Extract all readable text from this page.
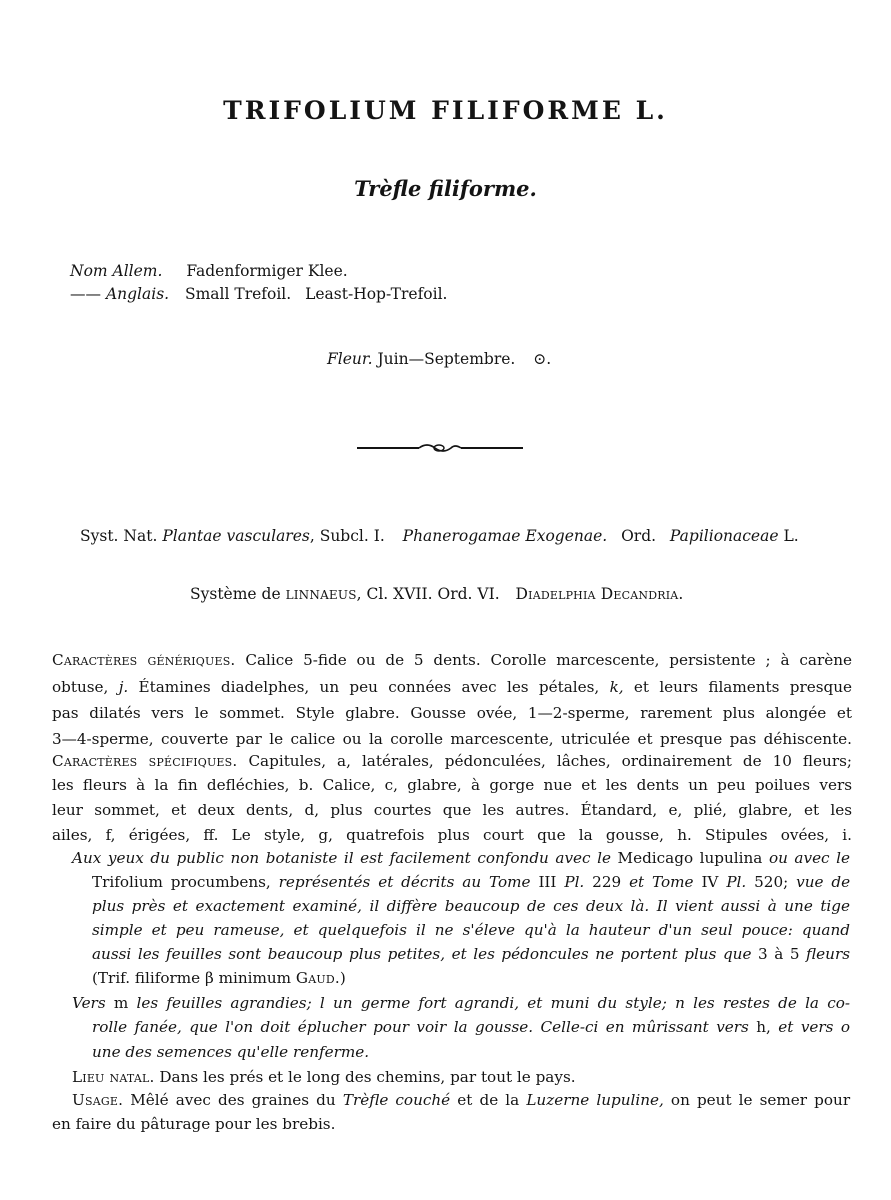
TRIFOLIUM FILIFORME L.
Trèfle filiforme.
Nom Allem. Fadenformiger Klee.
—— Anglais. Small Trefoil. Least-Hop-Trefoil.
Fleur. Juin—Septembre. ⊙.
Syst. Nat. Plantae vasculares, Subcl. I. Phanerogamae Exogenae. Ord. Papilionaceae L.
Système de LINNAEUS, Cl. XVII. Ord. VI. Diadelphia Decandria.
Caractères génériques. Calice 5-fide ou de 5 dents. Corolle marcescente, persistente ; à carène
obtuse, j. Étamines diadelphes, un peu connées avec les pétales, k, et leurs filaments presque
pas dilatés vers le sommet. Style glabre. Gousse ovée, 1—2-sperme, rarement plus alongée et
3—4-sperme, couverte par le calice ou la corolle marcescente, utriculée et presque pas déhiscente.
Caractères spécifiques. Capitules, a, latérales, pédonculées, lâches, ordinairement de 10 fleurs;
les fleurs à la fin defléchies, b. Calice, c, glabre, à gorge nue et les dents un peu poilues vers
leur sommet, et deux dents, d, plus courtes que les autres. Étandard, e, plié, glabre, et les
ailes, f, érigées, ff. Le style, g, quatrefois plus court que la gousse, h. Stipules ovées, i.
Aux yeux du public non botaniste il est facilement confondu avec le Medicago lupulina ou avec le
Trifolium procumbens, représentés et décrits au Tome III Pl. 229 et Tome IV Pl. 520; vue de
plus près et exactement examiné, il diffère beaucoup de ces deux là. Il vient aussi à une tige
simple et peu rameuse, et quelquefois il ne s'éleve qu'à la hauteur d'un seul pouce: quand
aussi les feuilles sont beaucoup plus petites, et les pédoncules ne portent plus que 3 à 5 fleurs
(Trif. filiforme β minimum Gaud.)
Vers m les feuilles agrandies; l un germe fort agrandi, et muni du style; n les restes de la co-
rolle fanée, que l'on doit éplucher pour voir la gousse. Celle-ci en mûrissant vers h, et vers o
une des semences qu'elle renferme.
Lieu natal. Dans les prés et le long des chemins, par tout le pays.
Usage. Mêlé avec des graines du Trèfle couché et de la Luzerne lupuline, on peut le semer pour
en faire du pâturage pour les brebis.
